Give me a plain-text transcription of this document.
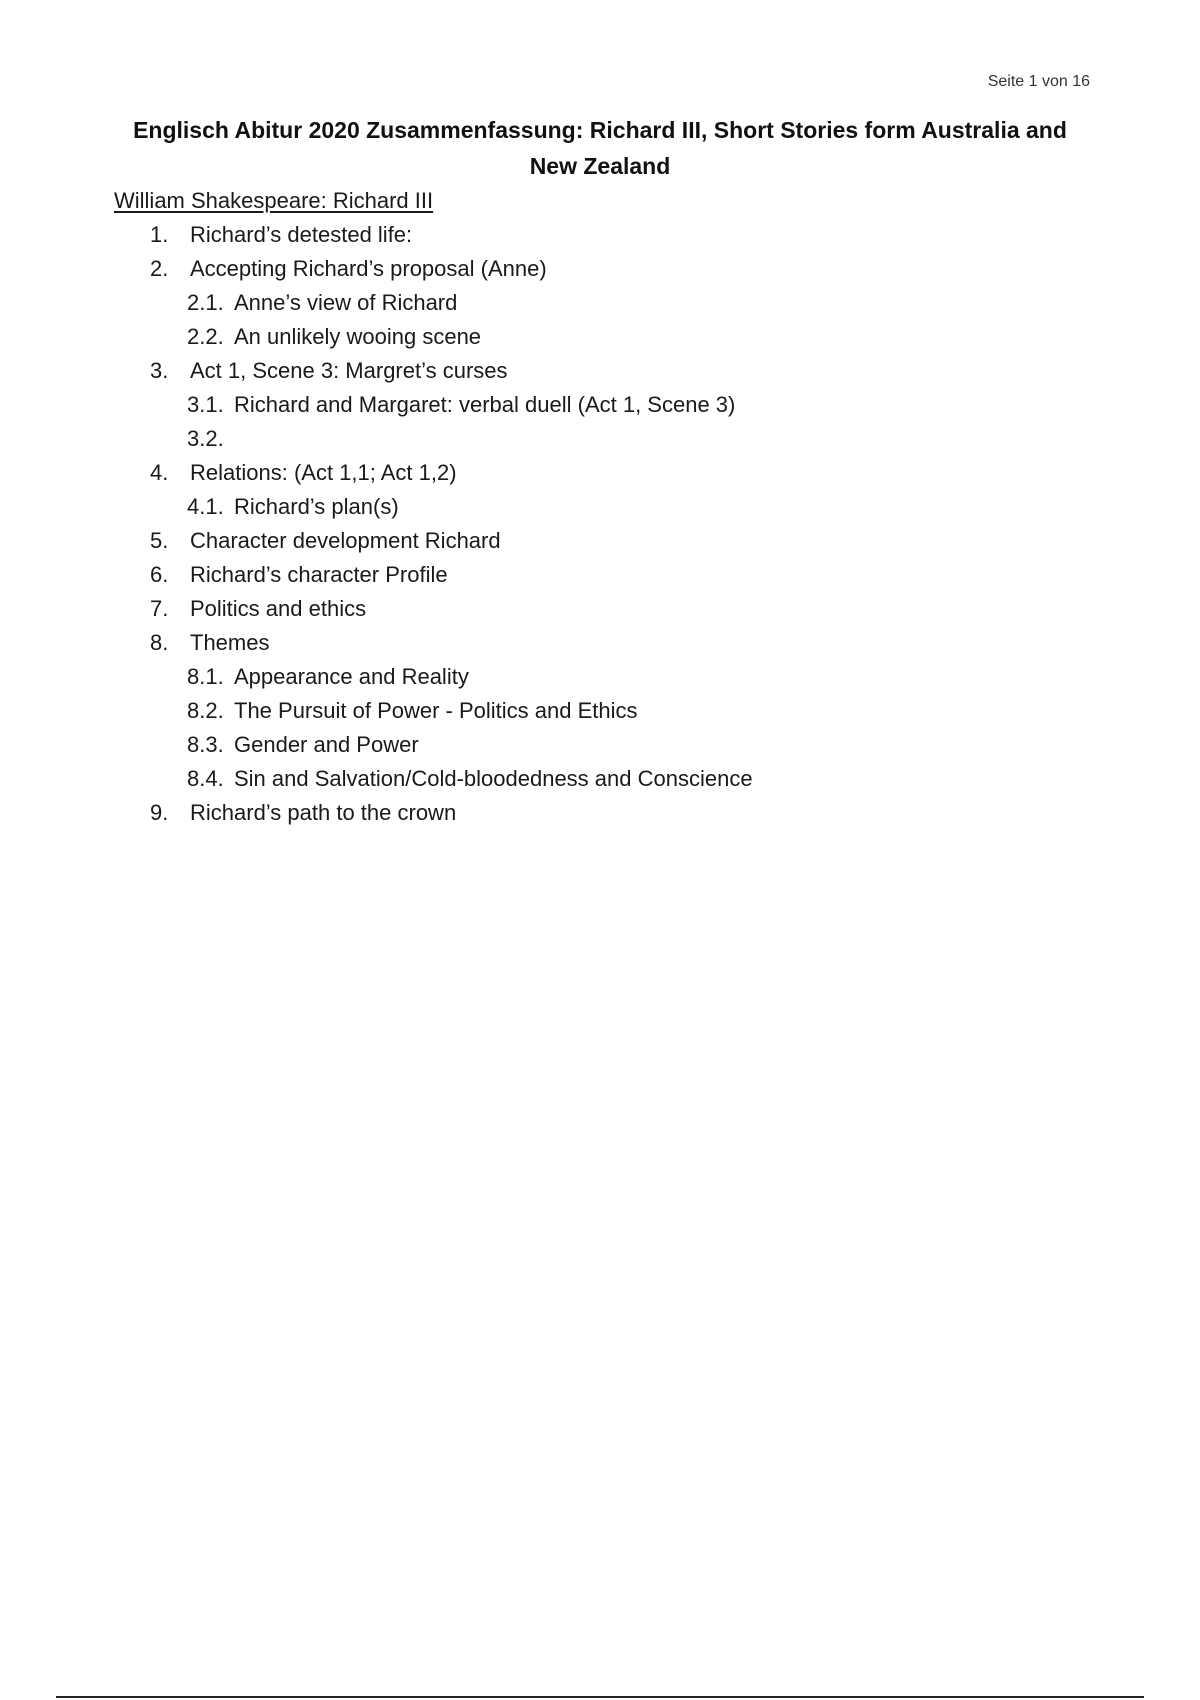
Seite 1 von 16
Englisch Abitur 2020 Zusammenfassung: Richard III, Short Stories form Australia and New Zealand
William Shakespeare: Richard III
1. Richard’s detested life:
2. Accepting Richard’s proposal (Anne)
2.1. Anne’s view of Richard
2.2. An unlikely wooing scene
3. Act 1, Scene 3: Margret’s curses
3.1. Richard and Margaret: verbal duell (Act 1, Scene 3)
3.2.
4. Relations: (Act 1,1; Act 1,2)
4.1. Richard’s plan(s)
5. Character development Richard
6. Richard’s character Profile
7. Politics and ethics
8. Themes
8.1. Appearance and Reality
8.2. The Pursuit of Power - Politics and Ethics
8.3. Gender and Power
8.4. Sin and Salvation/Cold-bloodedness and Conscience
9. Richard’s path to the crown
